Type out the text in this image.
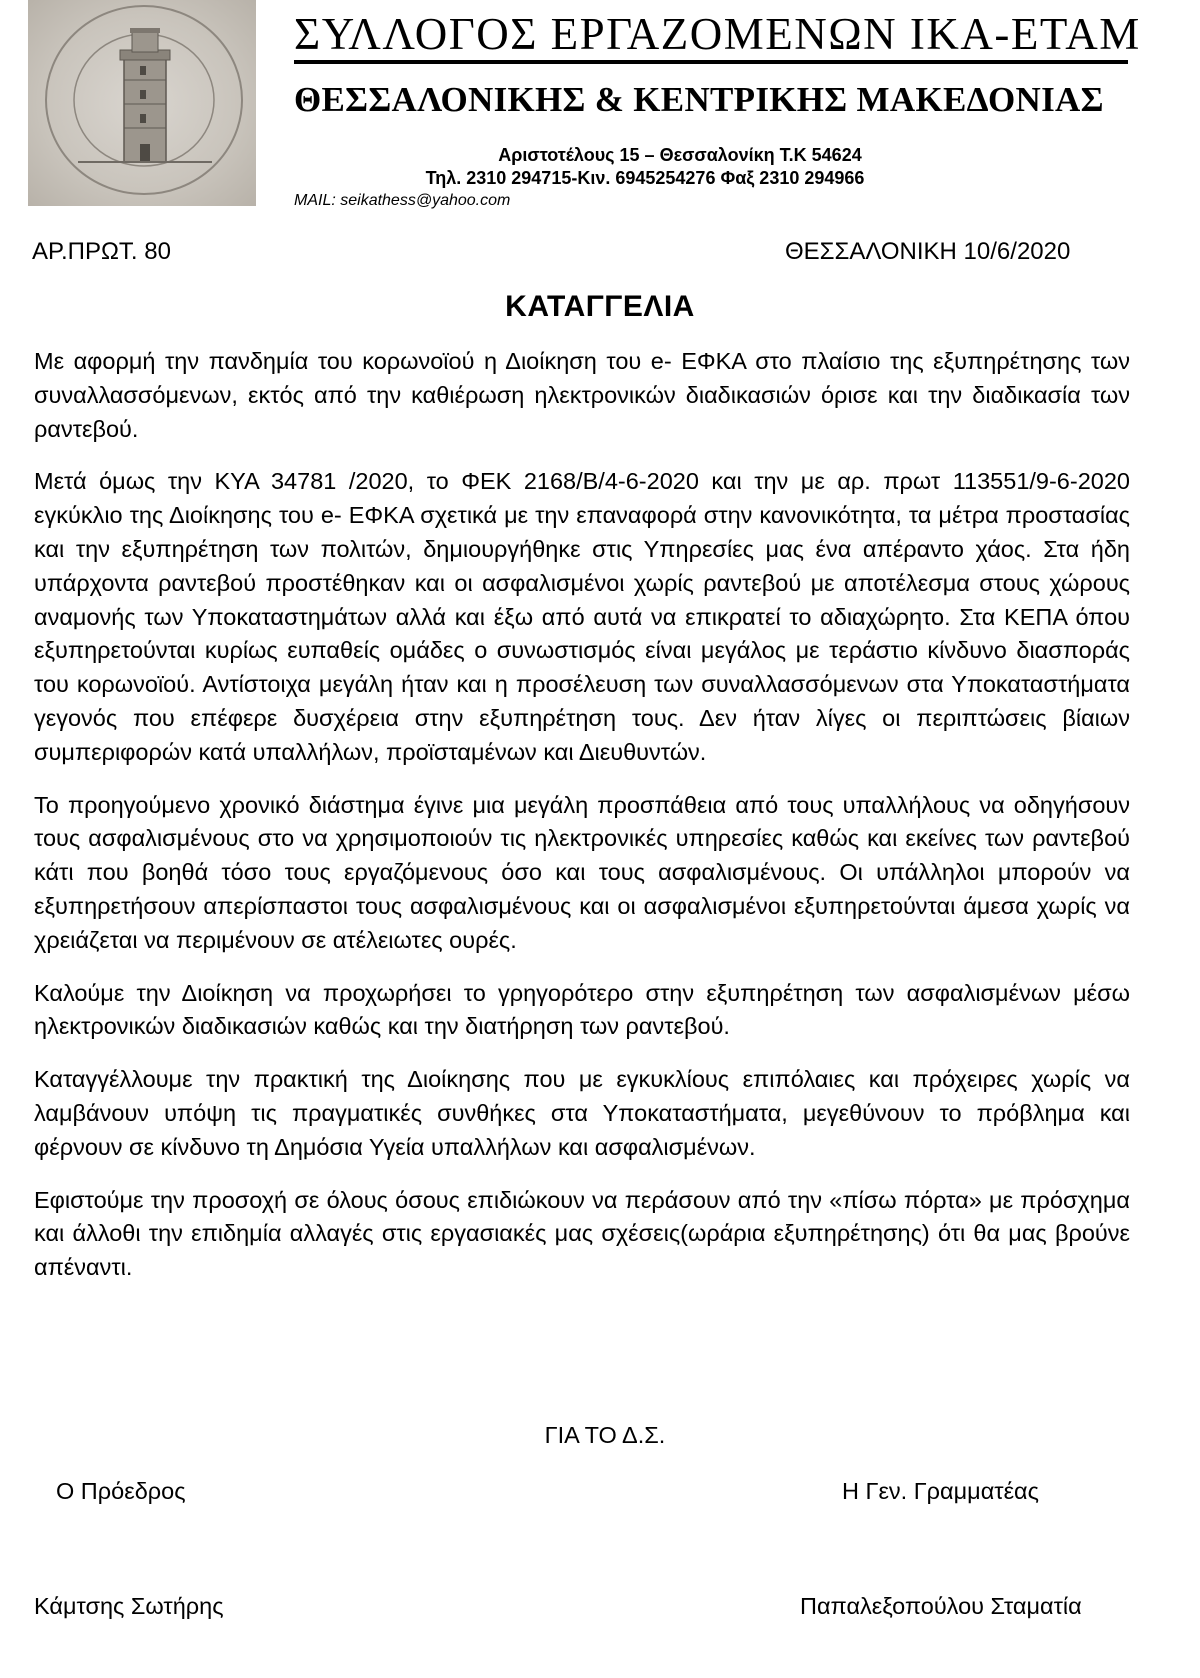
ΣΥΛΛΟΓΟΣ ΕΡΓΑΖΟΜΕΝΩΝ ΙΚΑ-ΕΤΑΜ
ΘΕΣΣΑΛΟΝΙΚΗΣ & ΚΕΝΤΡΙΚΗΣ ΜΑΚΕΔΟΝΙΑΣ
Αριστοτέλους 15 – Θεσσαλονίκη Τ.Κ 54624
Τηλ. 2310 294715-Κιν. 6945254276 Φαξ 2310 294966
MAIL: seikathess@yahoo.com
ΑΡ.ΠΡΩΤ. 80	ΘΕΣΣΑΛΟΝΙΚΗ 10/6/2020
ΚΑΤΑΓΓΕΛΙΑ

Με αφορμή την πανδημία του κορωνοϊού η Διοίκηση του e- ΕΦΚΑ στο πλαίσιο της εξυπηρέτησης των συναλλασσόμενων, εκτός από την καθιέρωση ηλεκτρονικών διαδικασιών όρισε και την διαδικασία των ραντεβού.

Μετά όμως την ΚΥΑ 34781 /2020, το ΦΕΚ 2168/Β/4-6-2020 και την με αρ. πρωτ 113551/9-6-2020 εγκύκλιο της Διοίκησης του e- ΕΦΚΑ σχετικά με την επαναφορά στην κανονικότητα, τα μέτρα προστασίας και την εξυπηρέτηση των πολιτών, δημιουργήθηκε στις Υπηρεσίες μας ένα απέραντο χάος. Στα ήδη υπάρχοντα ραντεβού προστέθηκαν και οι ασφαλισμένοι χωρίς ραντεβού με αποτέλεσμα στους χώρους αναμονής των Υποκαταστημάτων αλλά και έξω από αυτά να επικρατεί το αδιαχώρητο. Στα ΚΕΠΑ όπου εξυπηρετούνται κυρίως ευπαθείς ομάδες ο συνωστισμός είναι μεγάλος με τεράστιο κίνδυνο διασποράς του κορωνοϊού. Αντίστοιχα μεγάλη ήταν και η προσέλευση των συναλλασσόμενων στα Υποκαταστήματα γεγονός που επέφερε δυσχέρεια στην εξυπηρέτηση τους. Δεν ήταν λίγες οι περιπτώσεις βίαιων συμπεριφορών κατά υπαλλήλων, προϊσταμένων και Διευθυντών.

Το προηγούμενο χρονικό διάστημα έγινε μια μεγάλη προσπάθεια από τους υπαλλήλους να οδηγήσουν τους ασφαλισμένους στο να χρησιμοποιούν τις ηλεκτρονικές υπηρεσίες καθώς και εκείνες των ραντεβού κάτι που βοηθά τόσο τους εργαζόμενους όσο και τους ασφαλισμένους. Οι υπάλληλοι μπορούν να εξυπηρετήσουν απερίσπαστοι τους ασφαλισμένους και οι ασφαλισμένοι εξυπηρετούνται άμεσα χωρίς να χρειάζεται να περιμένουν σε ατέλειωτες ουρές.

Καλούμε την Διοίκηση να προχωρήσει το γρηγορότερο στην εξυπηρέτηση των ασφαλισμένων μέσω ηλεκτρονικών διαδικασιών καθώς και την διατήρηση των ραντεβού.

Καταγγέλλουμε την πρακτική της Διοίκησης που με εγκυκλίους επιπόλαιες και πρόχειρες χωρίς να λαμβάνουν υπόψη τις πραγματικές συνθήκες στα Υποκαταστήματα, μεγεθύνουν το πρόβλημα και φέρνουν σε κίνδυνο τη Δημόσια Υγεία υπαλλήλων και ασφαλισμένων.

Εφιστούμε την προσοχή σε όλους όσους επιδιώκουν να περάσουν από την «πίσω πόρτα» με πρόσχημα και άλλοθι την επιδημία αλλαγές στις εργασιακές μας σχέσεις(ωράρια εξυπηρέτησης) ότι θα μας βρούνε απέναντι.

ΓΙΑ ΤΟ Δ.Σ.
Ο Πρόεδρος	Η Γεν. Γραμματέας
Κάμτσης Σωτήρης	Παπαλεξοπούλου Σταματία
